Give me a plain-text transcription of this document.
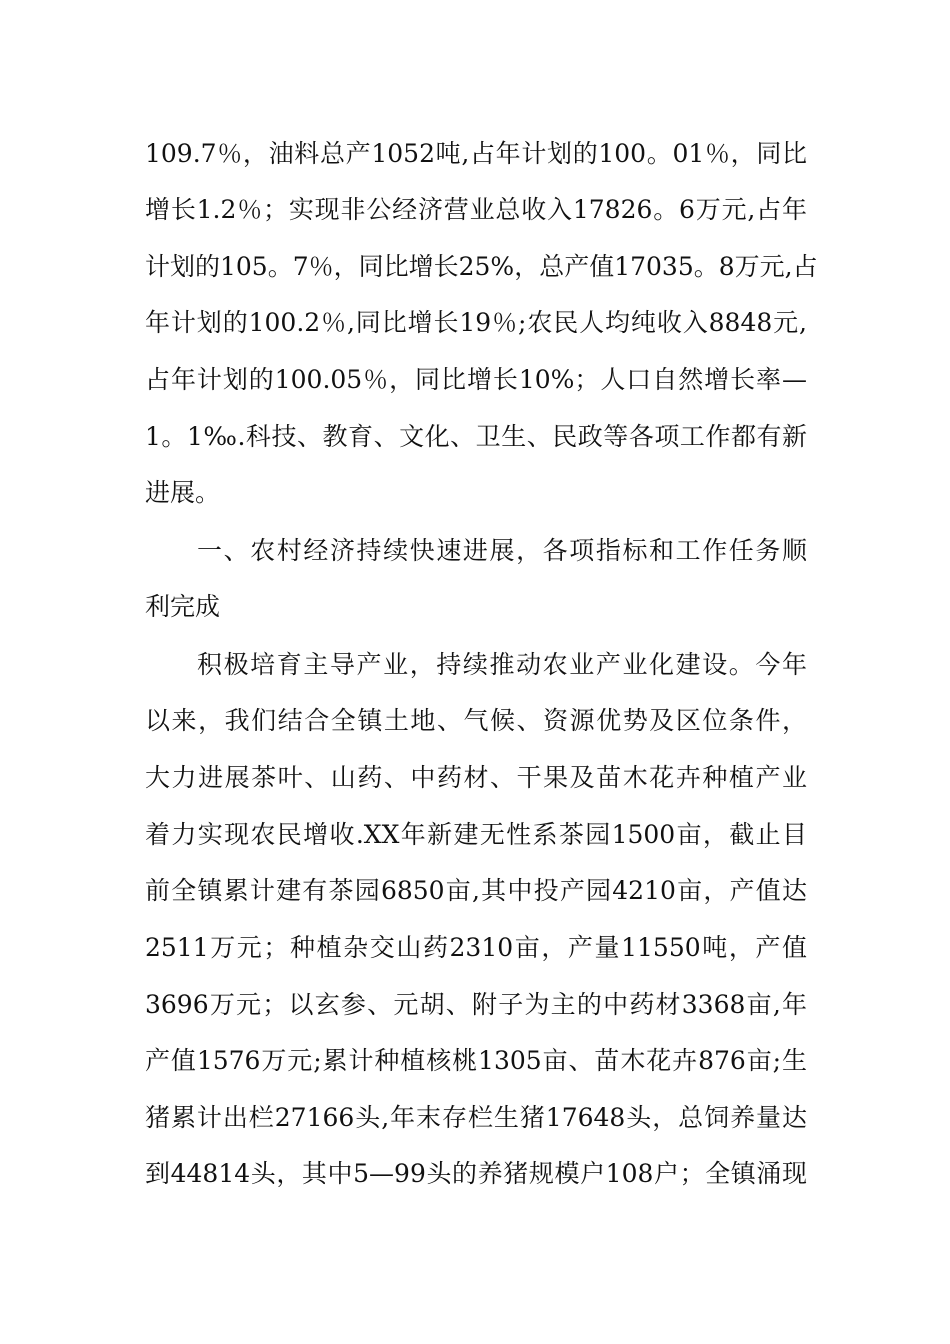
109.7％，油料总产1052吨,占年计划的100。01％，同比
增长1.2％；实现非公经济营业总收入17826。6万元,占年
计划的105。7％，同比增长25%，总产值17035。8万元,占
年计划的100.2％,同比增长19％;农民人均纯收入8848元,
占年计划的100.05％，同比增长10%；人口自然增长率—
1。1‰.科技、教育、文化、卫生、民政等各项工作都有新
进展。
一、农村经济持续快速进展，各项指标和工作任务顺
利完成
积极培育主导产业，持续推动农业产业化建设。今年
以来，我们结合全镇土地、气候、资源优势及区位条件，
大力进展茶叶、山药、中药材、干果及苗木花卉种植产业
着力实现农民增收.XX年新建无性系茶园1500亩，截止目
前全镇累计建有茶园6850亩,其中投产园4210亩，产值达
2511万元；种植杂交山药2310亩，产量11550吨，产值
3696万元；以玄参、元胡、附子为主的中药材3368亩,年
产值1576万元;累计种植核桃1305亩、苗木花卉876亩;生
猪累计出栏27166头,年末存栏生猪17648头，总饲养量达
到44814头，其中5—99头的养猪规模户108户；全镇涌现
